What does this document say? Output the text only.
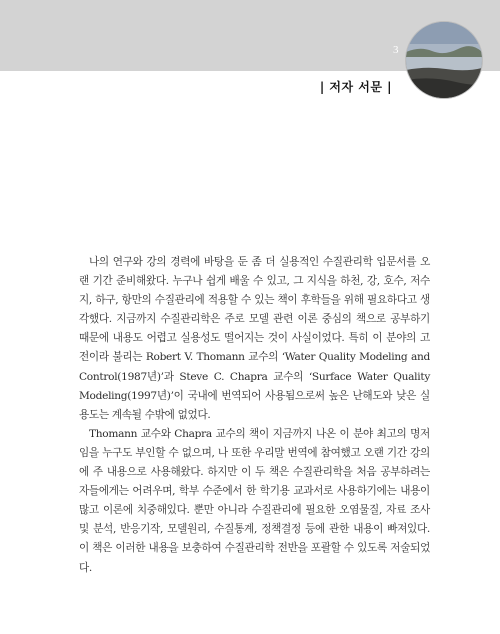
3
| 저자 서문 |

나의 연구와 강의 경력에 바탕을 둔 좀 더 실용적인 수질관리학 입문서를 오랜 기간 준비해왔다. 누구나 쉽게 배울 수 있고, 그 지식을 하천, 강, 호수, 저수지, 하구, 항만의 수질관리에 적용할 수 있는 책이 후학들을 위해 필요하다고 생각했다. 지금까지 수질관리학은 주로 모델 관련 이론 중심의 책으로 공부하기 때문에 내용도 어렵고 실용성도 떨어지는 것이 사실이었다. 특히 이 분야의 고전이라 불리는 Robert V. Thomann 교수의 ‘Water Quality Modeling and Control(1987년)’과 Steve C. Chapra 교수의 ‘Surface Water Quality Modeling(1997년)’이 국내에 번역되어 사용됨으로써 높은 난해도와 낮은 실용도는 계속될 수밖에 없었다.

Thomann 교수와 Chapra 교수의 책이 지금까지 나온 이 분야 최고의 명저임을 누구도 부인할 수 없으며, 나 또한 우리말 번역에 참여했고 오랜 기간 강의에 주 내용으로 사용해왔다. 하지만 이 두 책은 수질관리학을 처음 공부하려는 자들에게는 어려우며, 학부 수준에서 한 학기용 교과서로 사용하기에는 내용이 많고 이론에 치중해있다. 뿐만 아니라 수질관리에 필요한 오염물질, 자료 조사 및 분석, 반응기작, 모델원리, 수질통계, 정책결정 등에 관한 내용이 빠져있다. 이 책은 이러한 내용을 보충하여 수질관리학 전반을 포괄할 수 있도록 저술되었다.
